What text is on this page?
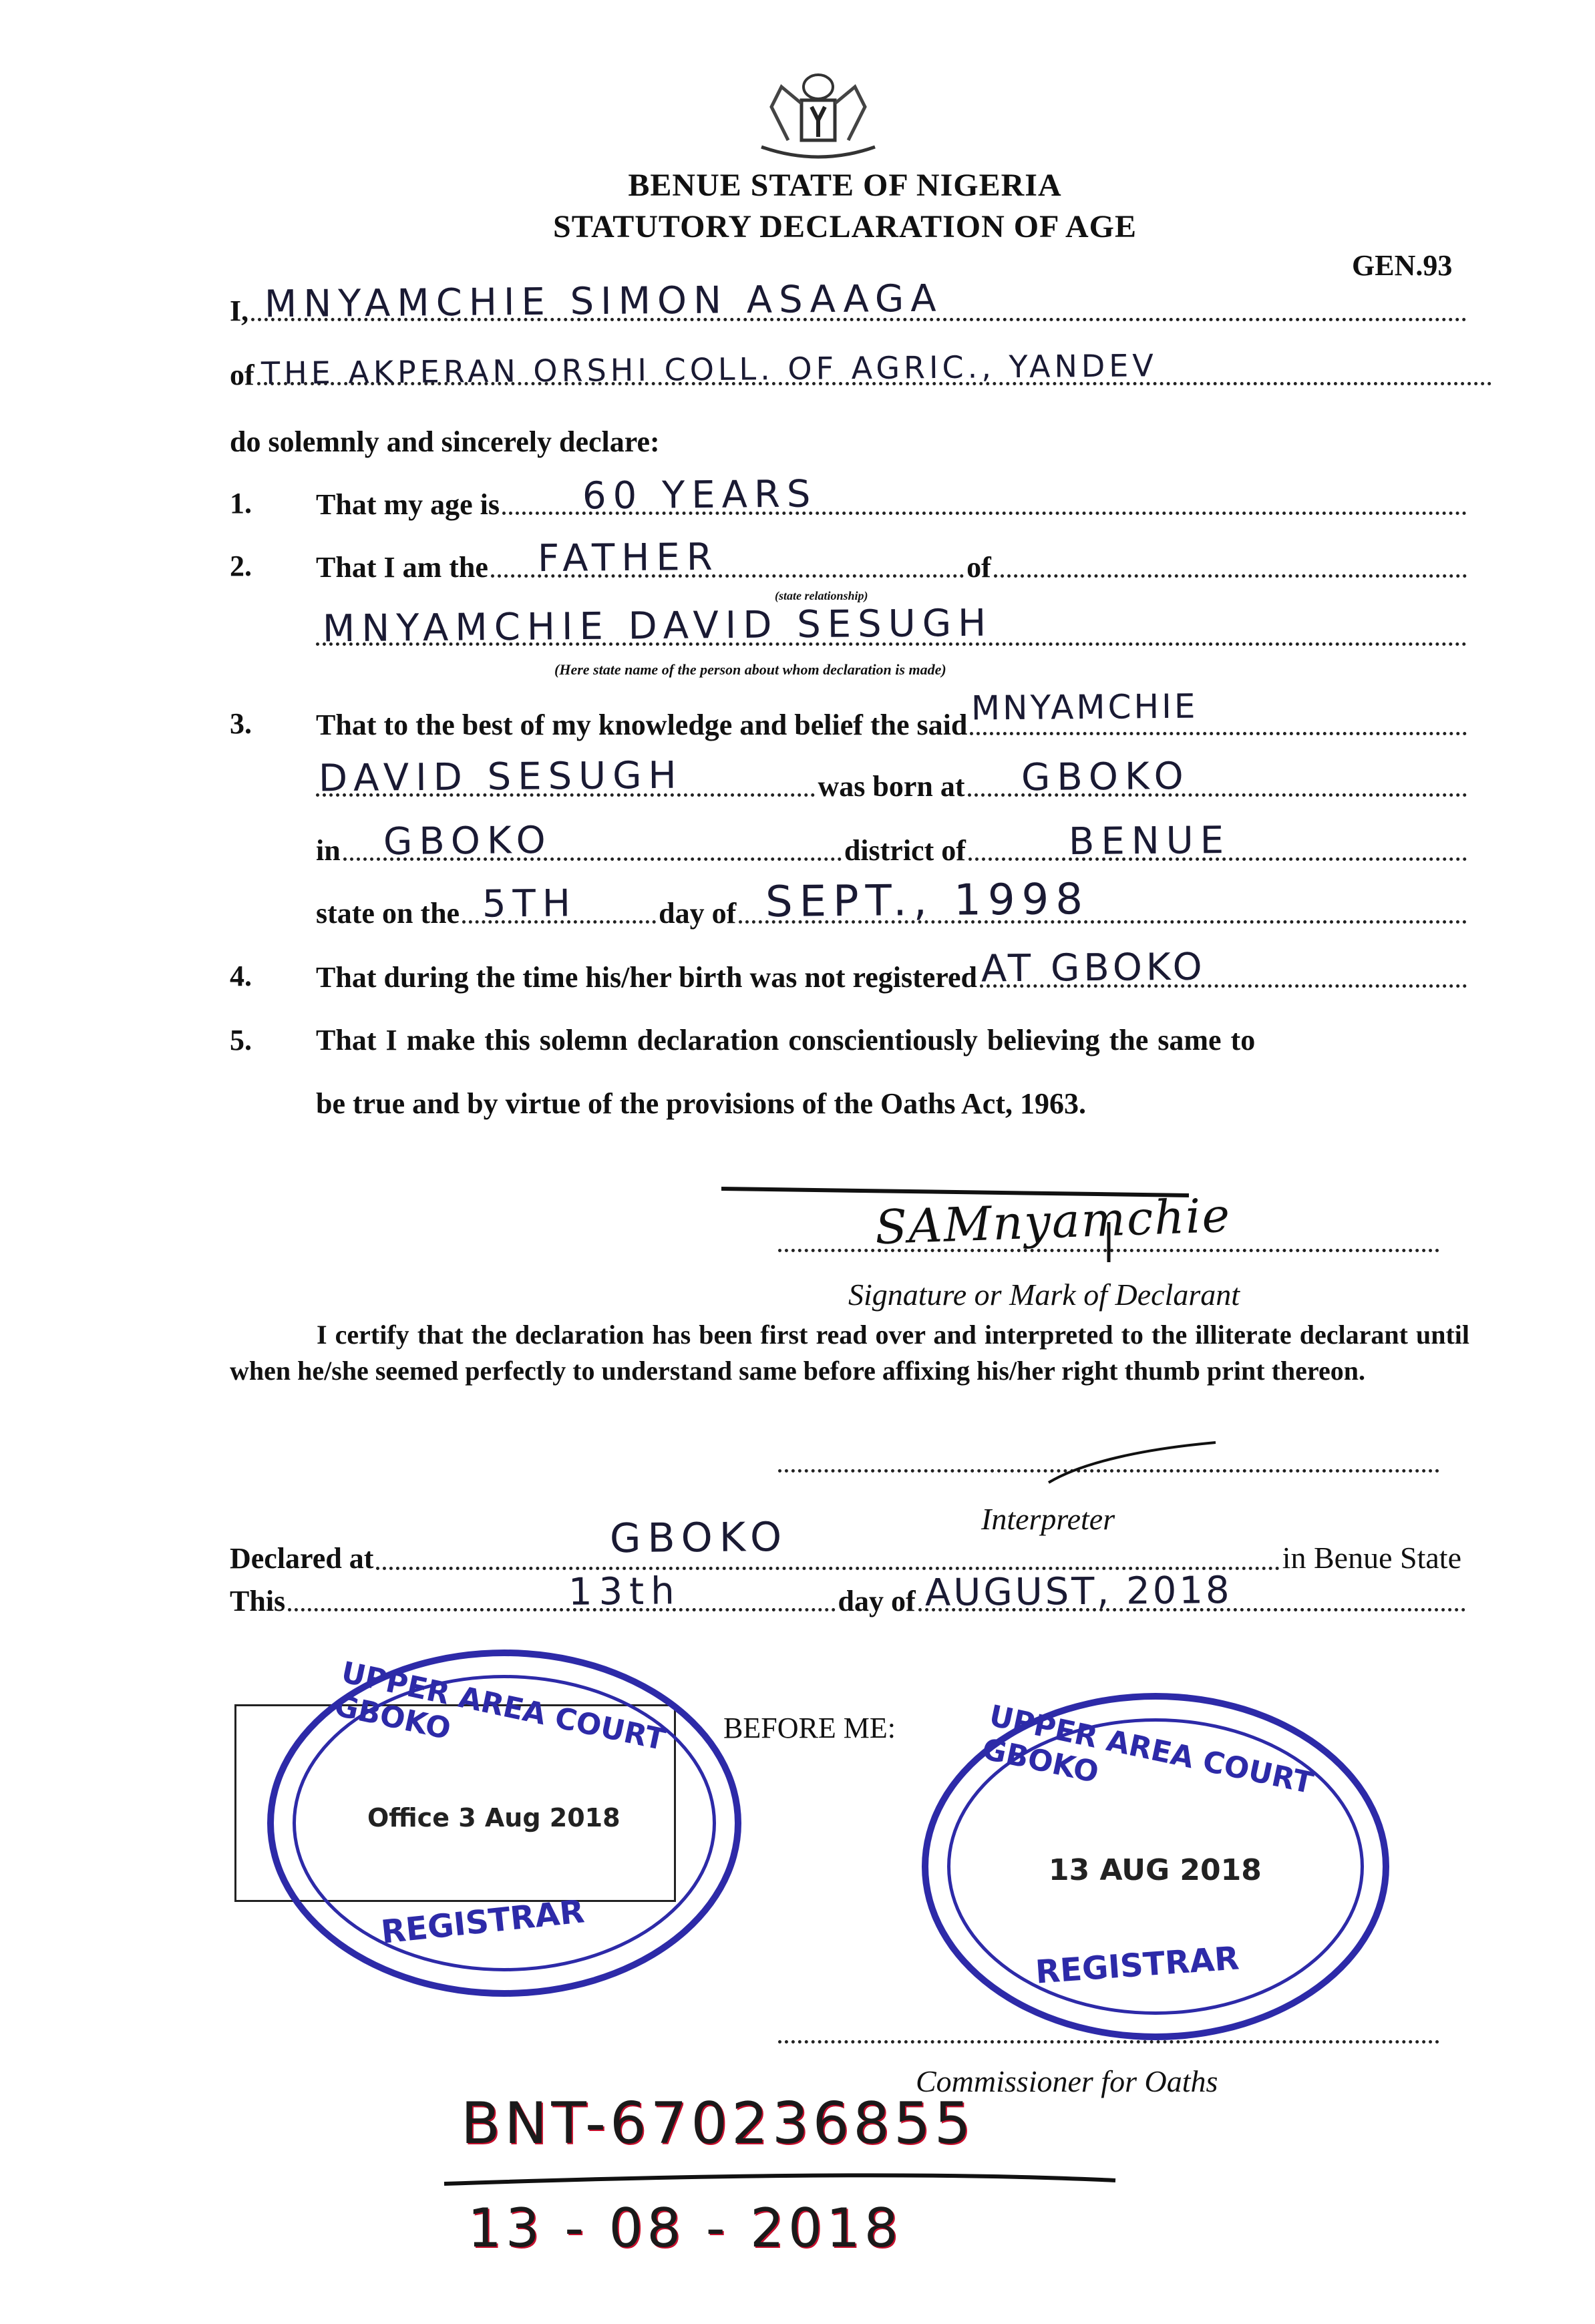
BENUE STATE OF NIGERIA
STATUTORY DECLARATION OF AGE
GEN.93
I, MNYAMCHIE SIMON ASAAGA
of THE AKPERAN ORSHI COLL. OF AGRIC., YANDEV
do solemnly and sincerely declare:
1. That my age is 60 YEARS
2. That I am the FATHER	of
(state relationship)
MNYAMCHIE DAVID SESUGH
(Here state name of the person about whom declaration is made)
3. That to the best of my knowledge and belief the said MNYAMCHIE
DAVID SESUGH	was born at GBOKO
in GBOKO	district of	BENUE
state on the 5TH	day of SEPT., 1998
4. That during the time his/her birth was not registered AT GBOKO
5. That I make this solemn declaration conscientiously believing the same to
be true and by virtue of the provisions of the Oaths Act, 1963.
SAMnyamchie
Signature or Mark of Declarant
I certify that the declaration has been first read over and interpreted to the illiterate declarant until when he/she seemed perfectly to understand same before affixing his/her right thumb print thereon.
Interpreter
Declared at	GBOKO	in Benue State
This	13th	day of AUGUST, 2018
UPPER AREA COURT GBOKO
Office 3 Aug 2018
REGISTRAR
BEFORE ME:	UPPER AREA COURT GBOKO
13 AUG 2018
REGISTRAR
Commissioner for Oaths
BNT-670236855
13 - 08 - 2018
